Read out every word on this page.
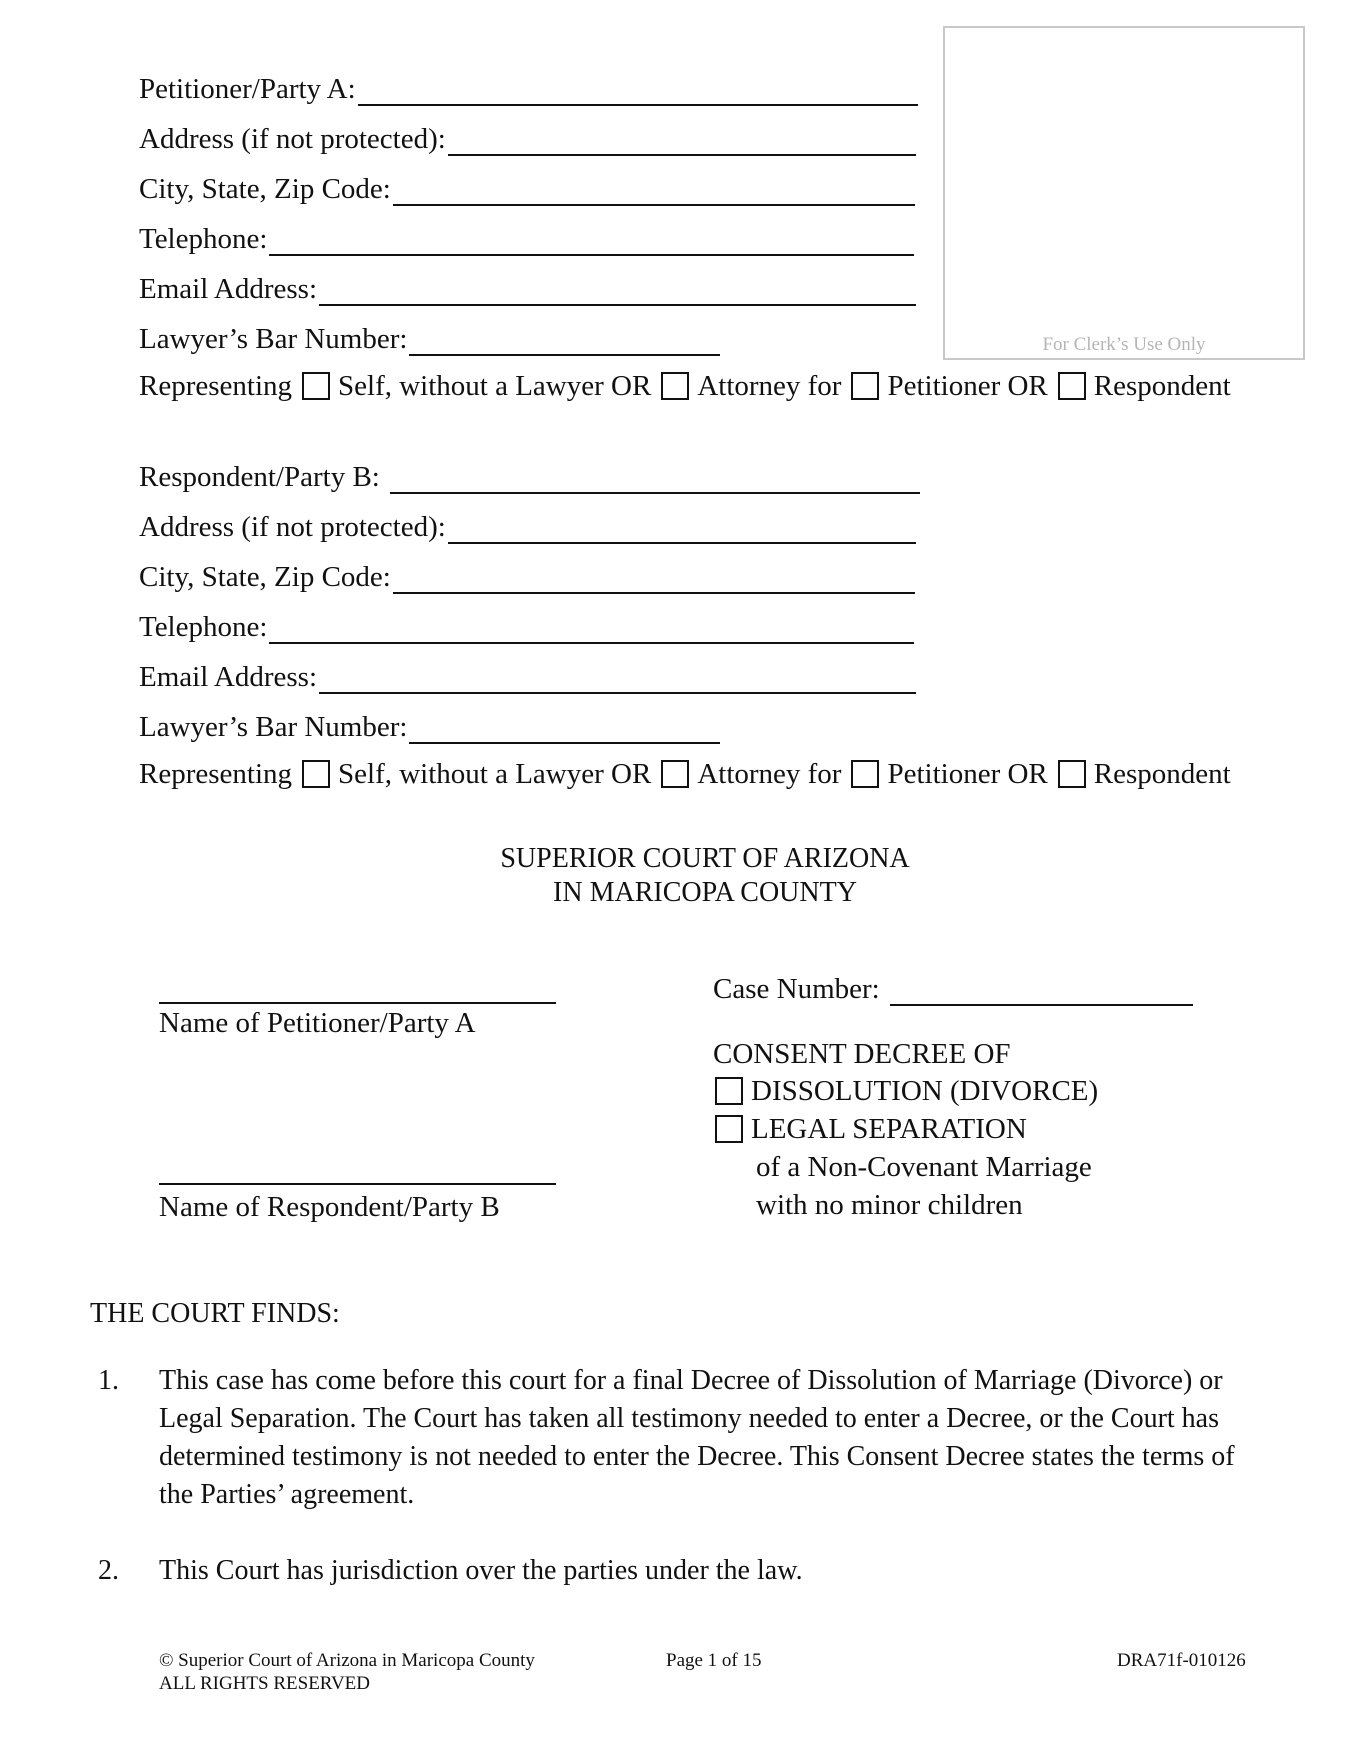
For Clerk’s Use Only
Petitioner/Party A:
Address (if not protected):
City, State, Zip Code:
Telephone:
Email Address:
Lawyer’s Bar Number:
Representing Self, without a Lawyer OR Attorney for Petitioner OR Respondent
Respondent/Party B:
Address (if not protected):
City, State, Zip Code:
Telephone:
Email Address:
Lawyer’s Bar Number:
Representing Self, without a Lawyer OR Attorney for Petitioner OR Respondent
SUPERIOR COURT OF ARIZONA
IN MARICOPA COUNTY
Name of Petitioner/Party A
Name of Respondent/Party B
Case Number:
CONSENT DECREE OF
DISSOLUTION (DIVORCE)
LEGAL SEPARATION
of a Non-Covenant Marriage
with no minor children
THE COURT FINDS:
1. This case has come before this court for a final Decree of Dissolution of Marriage (Divorce) or
Legal Separation. The Court has taken all testimony needed to enter a Decree, or the Court has
determined testimony is not needed to enter the Decree. This Consent Decree states the terms of
the Parties’ agreement.
2. This Court has jurisdiction over the parties under the law.
© Superior Court of Arizona in Maricopa County
ALL RIGHTS RESERVED
Page 1 of 15	DRA71f-010126
